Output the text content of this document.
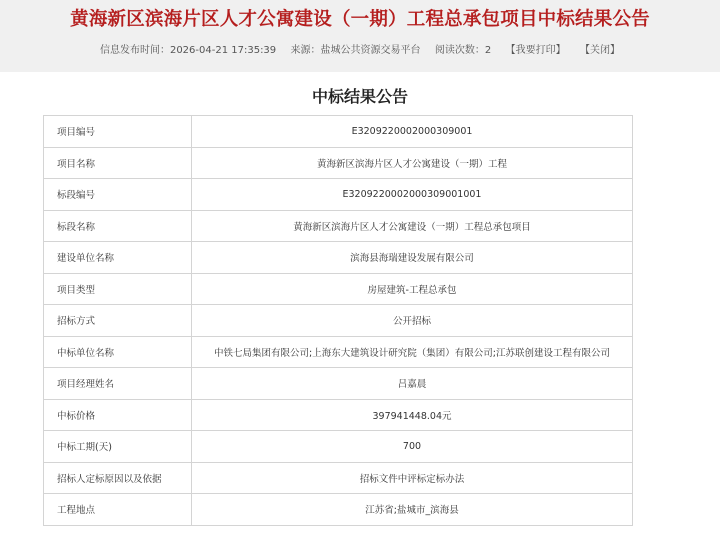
黄海新区滨海片区人才公寓建设（一期）工程总承包项目中标结果公告
信息发布时间：2026-04-21 17:35:39 来源：盐城公共资源交易平台 阅读次数：2 【我要打印】 【关闭】
中标结果公告
项目编号	E3209220002000309001
项目名称	黄海新区滨海片区人才公寓建设（一期）工程
标段编号	E3209220002000309001001
标段名称	黄海新区滨海片区人才公寓建设（一期）工程总承包项目
建设单位名称	滨海县海瑞建设发展有限公司
项目类型	房屋建筑-工程总承包
招标方式	公开招标
中标单位名称	中铁七局集团有限公司;上海东大建筑设计研究院（集团）有限公司;江苏联创建设工程有限公司
项目经理姓名	吕嘉晨
中标价格	397941448.04元
中标工期(天)	700
招标人定标原因以及依据	招标文件中评标定标办法
工程地点	江苏省;盐城市_滨海县
